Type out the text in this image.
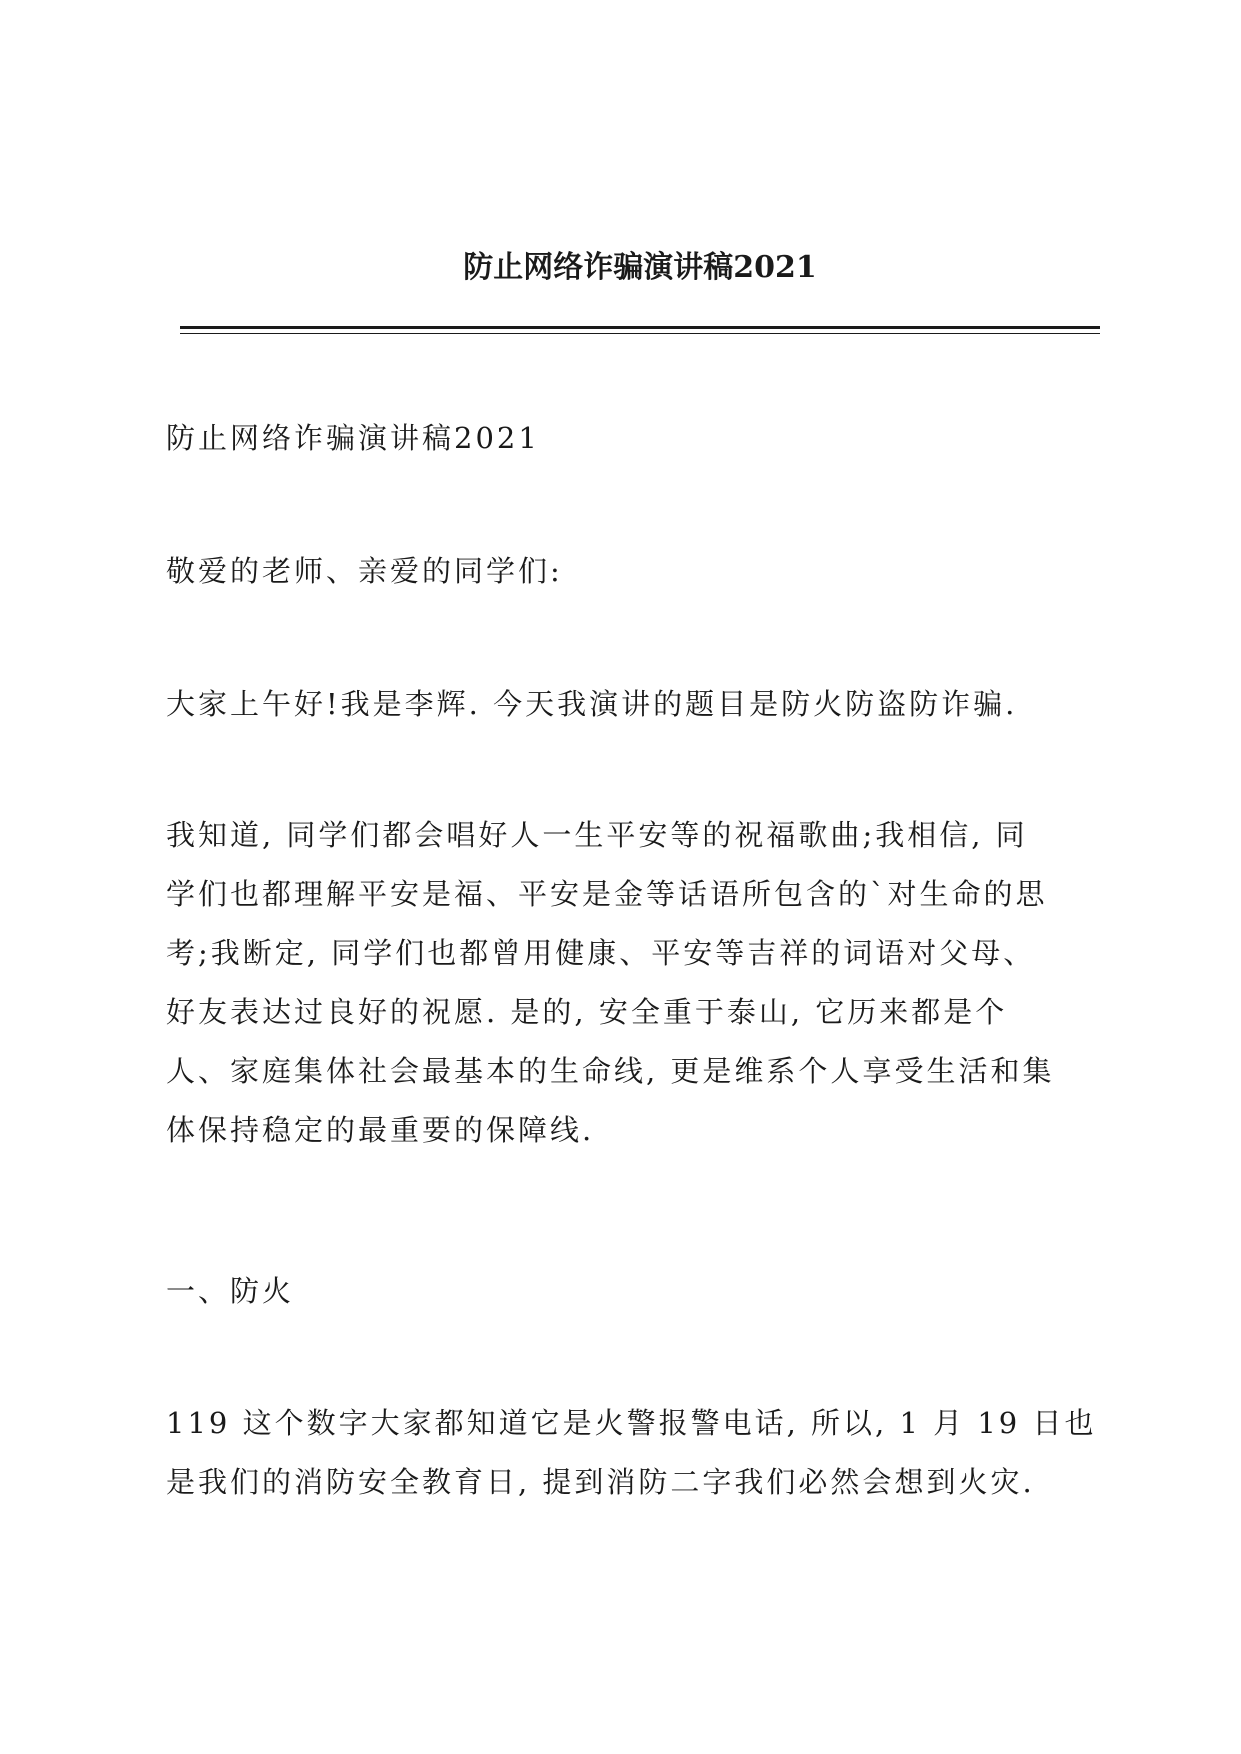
防止网络诈骗演讲稿2021
防止网络诈骗演讲稿2021
敬爱的老师、亲爱的同学们:
大家上午好!我是李辉. 今天我演讲的题目是防火防盗防诈骗.
我知道, 同学们都会唱好人一生平安等的祝福歌曲;我相信, 同
学们也都理解平安是福、平安是金等话语所包含的`对生命的思
考;我断定, 同学们也都曾用健康、平安等吉祥的词语对父母、
好友表达过良好的祝愿. 是的, 安全重于泰山, 它历来都是个
人、家庭集体社会最基本的生命线, 更是维系个人享受生活和集
体保持稳定的最重要的保障线.
一、防火
119 这个数字大家都知道它是火警报警电话, 所以, 1 月 19 日也
是我们的消防安全教育日, 提到消防二字我们必然会想到火灾.
